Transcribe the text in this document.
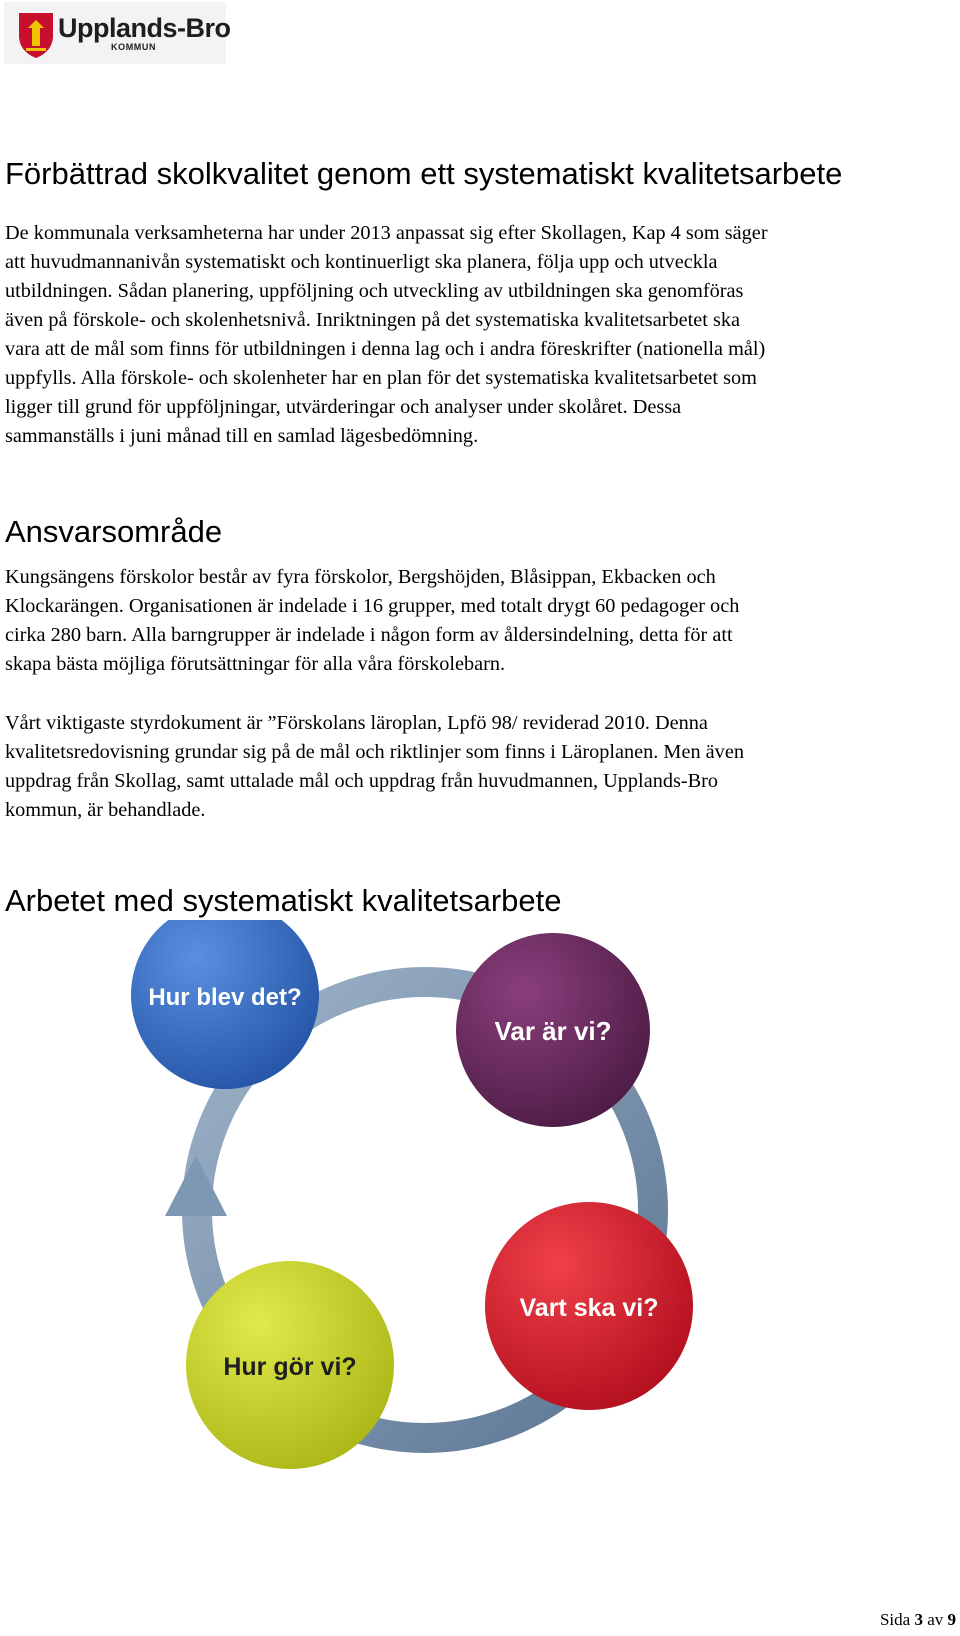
Upplands-Bro
KOMMUN
Förbättrad skolkvalitet genom ett systematiskt kvalitetsarbete
De kommunala verksamheterna har under 2013 anpassat sig efter Skollagen, Kap 4 som säger
att huvudmannanivån systematiskt och kontinuerligt ska planera, följa upp och utveckla
utbildningen. Sådan planering, uppföljning och utveckling av utbildningen ska genomföras
även på förskole- och skolenhetsnivå. Inriktningen på det systematiska kvalitetsarbetet ska
vara att de mål som finns för utbildningen i denna lag och i andra föreskrifter (nationella mål)
uppfylls. Alla förskole- och skolenheter har en plan för det systematiska kvalitetsarbetet som
ligger till grund för uppföljningar, utvärderingar och analyser under skolåret. Dessa
sammanställs i juni månad till en samlad lägesbedömning.
Ansvarsområde
Kungsängens förskolor består av fyra förskolor, Bergshöjden, Blåsippan, Ekbacken och
Klockarängen. Organisationen är indelade i 16 grupper, med totalt drygt 60 pedagoger och
cirka 280 barn. Alla barngrupper är indelade i någon form av åldersindelning, detta för att
skapa bästa möjliga förutsättningar för alla våra förskolebarn.
Vårt viktigaste styrdokument är ”Förskolans läroplan, Lpfö 98/ reviderad 2010. Denna
kvalitetsredovisning grundar sig på de mål och riktlinjer som finns i Läroplanen. Men även
uppdrag från Skollag, samt uttalade mål och uppdrag från huvudmannen, Upplands-Bro
kommun, är behandlade.
Arbetet med systematiskt kvalitetsarbete
Var är vi?
Vart ska vi?
Hur gör vi?
Hur blev det?
Sida 3 av 9
